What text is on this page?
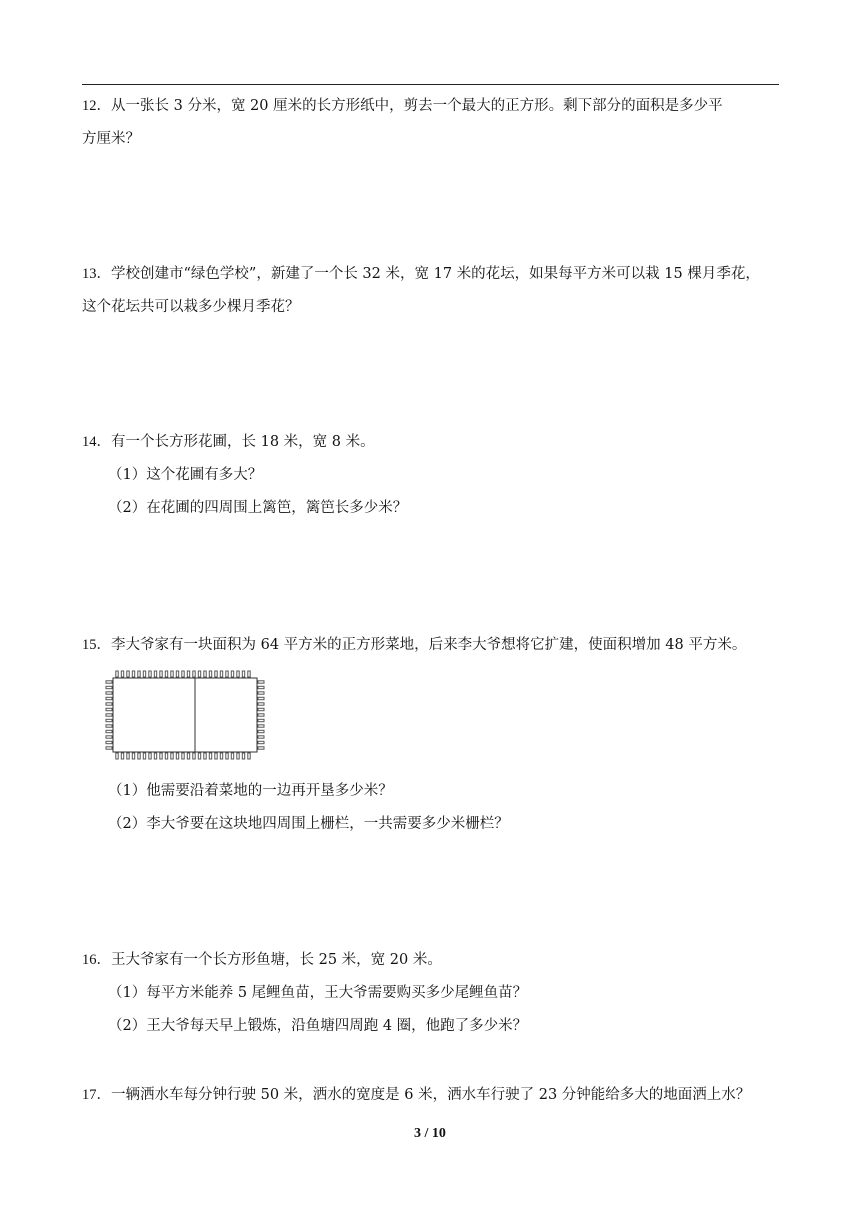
12．从一张长 3 分米，宽 20 厘米的长方形纸中，剪去一个最大的正方形。剩下部分的面积是多少平
方厘米？
13．学校创建市“绿色学校”，新建了一个长 32 米，宽 17 米的花坛，如果每平方米可以栽 15 棵月季花，
这个花坛共可以栽多少棵月季花？
14．有一个长方形花圃，长 18 米，宽 8 米。
（1）这个花圃有多大？
（2）在花圃的四周围上篱笆，篱笆长多少米？
15．李大爷家有一块面积为 64 平方米的正方形菜地，后来李大爷想将它扩建，使面积增加 48 平方米。
（1）他需要沿着菜地的一边再开垦多少米？
（2）李大爷要在这块地四周围上栅栏，一共需要多少米栅栏？
16．王大爷家有一个长方形鱼塘，长 25 米，宽 20 米。
（1）每平方米能养 5 尾鲤鱼苗，王大爷需要购买多少尾鲤鱼苗？
（2）王大爷每天早上锻炼，沿鱼塘四周跑 4 圈，他跑了多少米？
17．一辆洒水车每分钟行驶 50 米，洒水的宽度是 6 米，洒水车行驶了 23 分钟能给多大的地面洒上水？
3 / 10
